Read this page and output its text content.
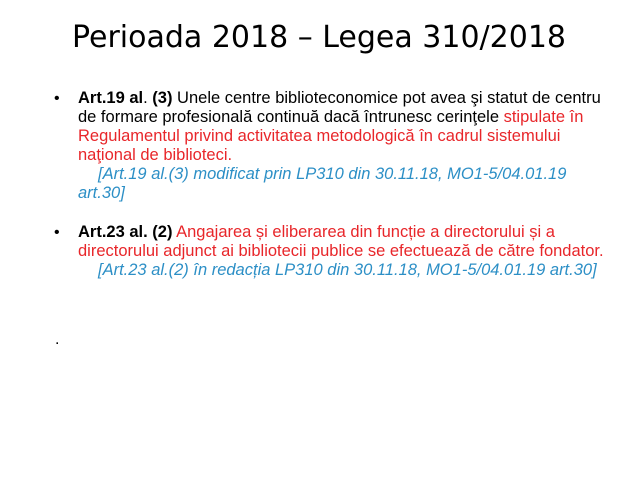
Perioada 2018 – Legea 310/2018
• Art.19 al. (3) Unele centre biblioteconomice pot avea şi statut de centru de formare profesională continuă dacă întrunesc cerinţele stipulate în Regulamentul privind activitatea metodologică în cadrul sistemului naţional de biblioteci.
[Art.19 al.(3) modificat prin LP310 din 30.11.18, MO1-5/04.01.19 art.30]
• Art.23 al. (2) Angajarea și eliberarea din funcție a directorului și a directorului adjunct ai bibliotecii publice se efectuează de către fondator.
[Art.23 al.(2) în redacția LP310 din 30.11.18, MO1-5/04.01.19 art.30]
.
